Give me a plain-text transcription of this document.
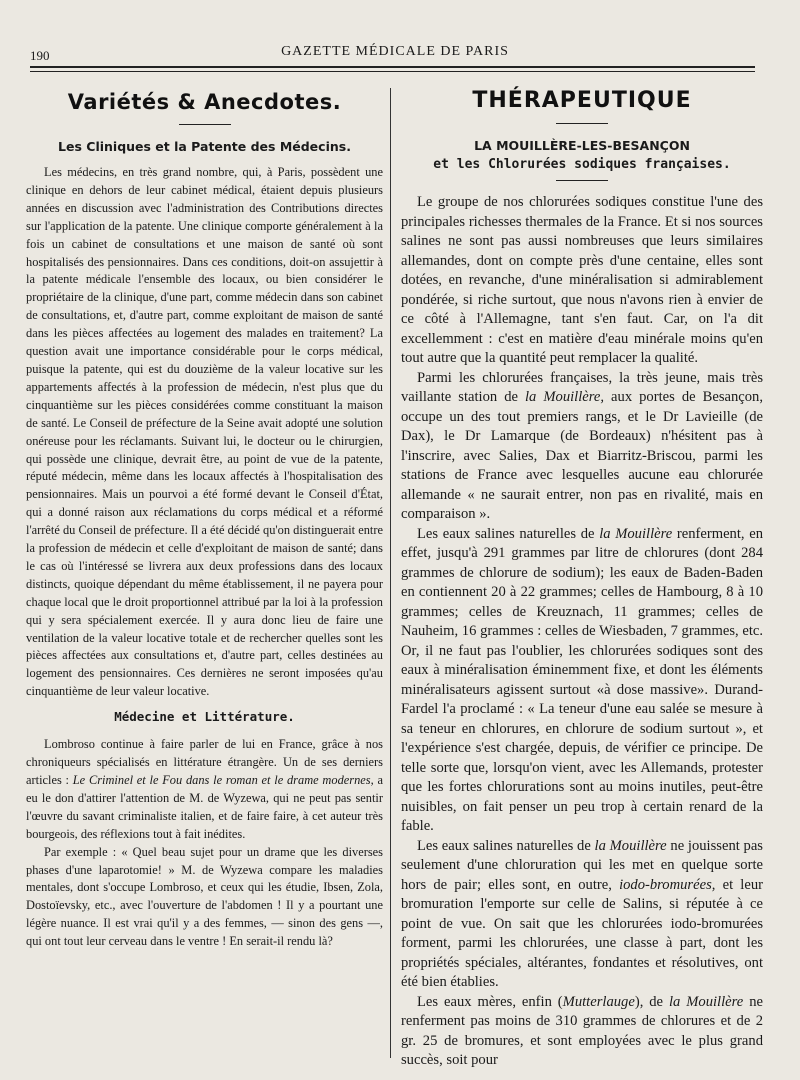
190	GAZETTE MÉDICALE DE PARIS
Variétés & Anecdotes.
Les Cliniques et la Patente des Médecins.

Les médecins, en très grand nombre, qui, à Paris, possèdent une clinique en dehors de leur cabinet médical, étaient depuis plusieurs années en discussion avec l'administration des Contributions directes sur l'application de la patente. Une clinique comporte généralement à la fois un cabinet de consultations et une maison de santé où sont hospitalisés des pensionnaires. Dans ces conditions, doit-on assujettir à la patente médicale l'ensemble des locaux, ou bien considérer le propriétaire de la clinique, d'une part, comme médecin dans son cabinet de consultations, et, d'autre part, comme exploitant de maison de santé dans les pièces affectées au logement des malades en traitement? La question avait une importance considérable pour le corps médical, puisque la patente, qui est du douzième de la valeur locative sur les appartements affectés à la profession de médecin, n'est plus que du cinquantième sur les pièces considérées comme constituant la maison de santé. Le Conseil de préfecture de la Seine avait adopté une solution onéreuse pour les réclamants. Suivant lui, le docteur ou le chirurgien, qui possède une clinique, devrait être, au point de vue de la patente, réputé médecin, même dans les locaux affectés à l'hospitalisation des pensionnaires. Mais un pourvoi a été formé devant le Conseil d'État, qui a donné raison aux réclamations du corps médical et a réformé l'arrêté du Conseil de préfecture. Il a été décidé qu'on distinguerait entre la profession de médecin et celle d'exploitant de maison de santé; dans le cas où l'intéressé se livrera aux deux professions dans des locaux distincts, quoique dépendant du même établissement, il ne payera pour chaque local que le droit proportionnel attribué par la loi à la profession qui y sera spécialement exercée. Il y aura donc lieu de faire une ventilation de la valeur locative totale et de rechercher quelles sont les pièces affectées aux consultations et, d'autre part, celles destinées au logement des pensionnaires. Ces dernières ne seront imposées qu'au cinquantième de leur valeur locative.

Médecine et Littérature.

Lombroso continue à faire parler de lui en France, grâce à nos chroniqueurs spécialisés en littérature étrangère. Un de ses derniers articles : Le Criminel et le Fou dans le roman et le drame modernes, a eu le don d'attirer l'attention de M. de Wyzewa, qui ne peut pas sentir l'œuvre du savant criminaliste italien, et de faire faire, à cet auteur très bourgeois, des réflexions tout à fait inédites.

Par exemple : « Quel beau sujet pour un drame que les diverses phases d'une laparotomie! » M. de Wyzewa compare les maladies mentales, dont s'occupe Lombroso, et ceux qui les étudie, Ibsen, Zola, Dostoïevsky, etc., avec l'ouverture de l'abdomen ! Il y a pourtant une légère nuance. Il est vrai qu'il y a des femmes, — sinon des gens —, qui ont tout leur cerveau dans le ventre ! En serait-il rendu là?

THÉRAPEUTIQUE
LA MOUILLÈRE-LES-BESANÇON
et les Chlorurées sodiques françaises.

Le groupe de nos chlorurées sodiques constitue l'une des principales richesses thermales de la France. Et si nos sources salines ne sont pas aussi nombreuses que leurs similaires allemandes, dont on compte près d'une centaine, elles sont dotées, en revanche, d'une minéralisation si admirablement pondérée, si riche surtout, que nous n'avons rien à envier de ce côté à l'Allemagne, tant s'en faut. Car, on l'a dit excellemment : c'est en matière d'eau minérale moins qu'en tout autre que la quantité peut remplacer la qualité.

Parmi les chlorurées françaises, la très jeune, mais très vaillante station de la Mouillère, aux portes de Besançon, occupe un des tout premiers rangs, et le Dr Lavieille (de Dax), le Dr Lamarque (de Bordeaux) n'hésitent pas à l'inscrire, avec Salies, Dax et Biarritz-Briscou, parmi les stations de France avec lesquelles aucune eau chlorurée allemande « ne saurait entrer, non pas en rivalité, mais en comparaison ».

Les eaux salines naturelles de la Mouillère renferment, en effet, jusqu'à 291 grammes par litre de chlorures (dont 284 grammes de chlorure de sodium); les eaux de Baden-Baden en contiennent 20 à 22 grammes; celles de Hambourg, 8 à 10 grammes; celles de Kreuznach, 11 grammes; celles de Nauheim, 16 grammes : celles de Wiesbaden, 7 grammes, etc. Or, il ne faut pas l'oublier, les chlorurées sodiques sont des eaux à minéralisation éminemment fixe, et dont les éléments minéralisateurs agissent surtout «à dose massive». Durand-Fardel l'a proclamé : « La teneur d'une eau salée se mesure à sa teneur en chlorures, en chlorure de sodium surtout », et l'expérience s'est chargée, depuis, de vérifier ce principe. De telle sorte que, lorsqu'on vient, avec les Allemands, protester que les fortes chlorurations sont au moins inutiles, peut-être nuisibles, on fait penser un peu trop à certain renard de la fable.

Les eaux salines naturelles de la Mouillère ne jouissent pas seulement d'une chloruration qui les met en quelque sorte hors de pair; elles sont, en outre, iodo-bromurées, et leur bromuration l'emporte sur celle de Salins, si réputée à ce point de vue. On sait que les chlorurées iodo-bromurées forment, parmi les chlorurées, une classe à part, dont les propriétés spéciales, altérantes, fondantes et résolutives, ont été bien établies.

Les eaux mères, enfin (Mutterlauge), de la Mouillère ne renferment pas moins de 310 grammes de chlorures et de 2 gr. 25 de bromures, et sont employées avec le plus grand succès, soit pour
